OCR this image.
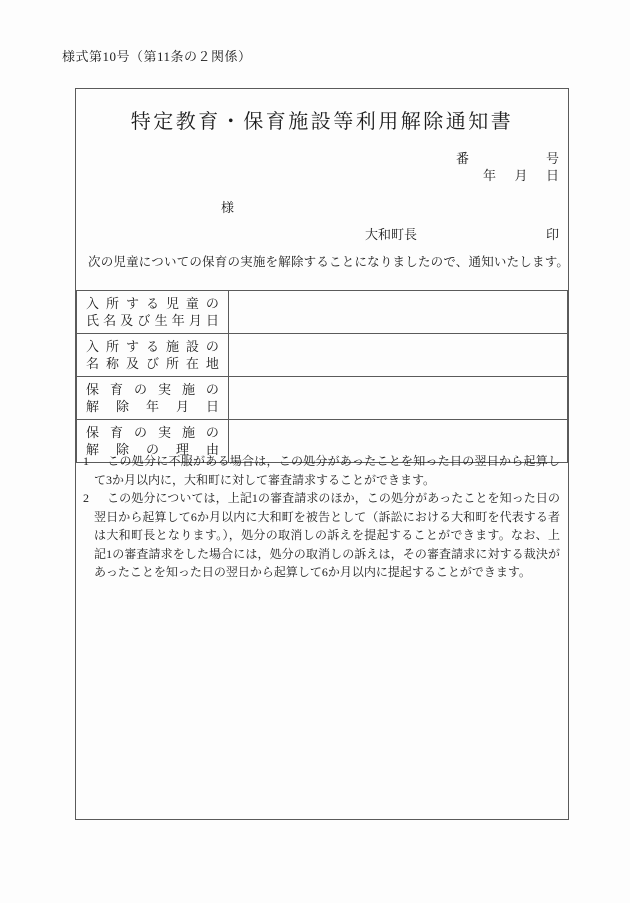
様式第10号（第11条の２関係）
特定教育・保育施設等利用解除通知書
番	号
年 月 日
様
大和町長	印
次の児童についての保育の実施を解除することになりましたので、通知いたします。
入 所 す る 児 童 の
氏 名 及 び 生 年 月 日

入 所 す る 施 設 の
名 称 及 び 所 在 地

保 育 の 実 施 の
解 除 年 月 日

保 育 の 実 施 の
解 除 の 理 由

1 この処分に不服がある場合は，この処分があったことを知った日の翌日から起算して3か月以内に，大和町に対して審査請求することができます。
2 この処分については，上記1の審査請求のほか，この処分があったことを知った日の翌日から起算して6か月以内に大和町を被告として（訴訟における大和町を代表する者は大和町長となります。），処分の取消しの訴えを提起することができます。なお、上記1の審査請求をした場合には，処分の取消しの訴えは，その審査請求に対する裁決があったことを知った日の翌日から起算して6か月以内に提起することができます。
